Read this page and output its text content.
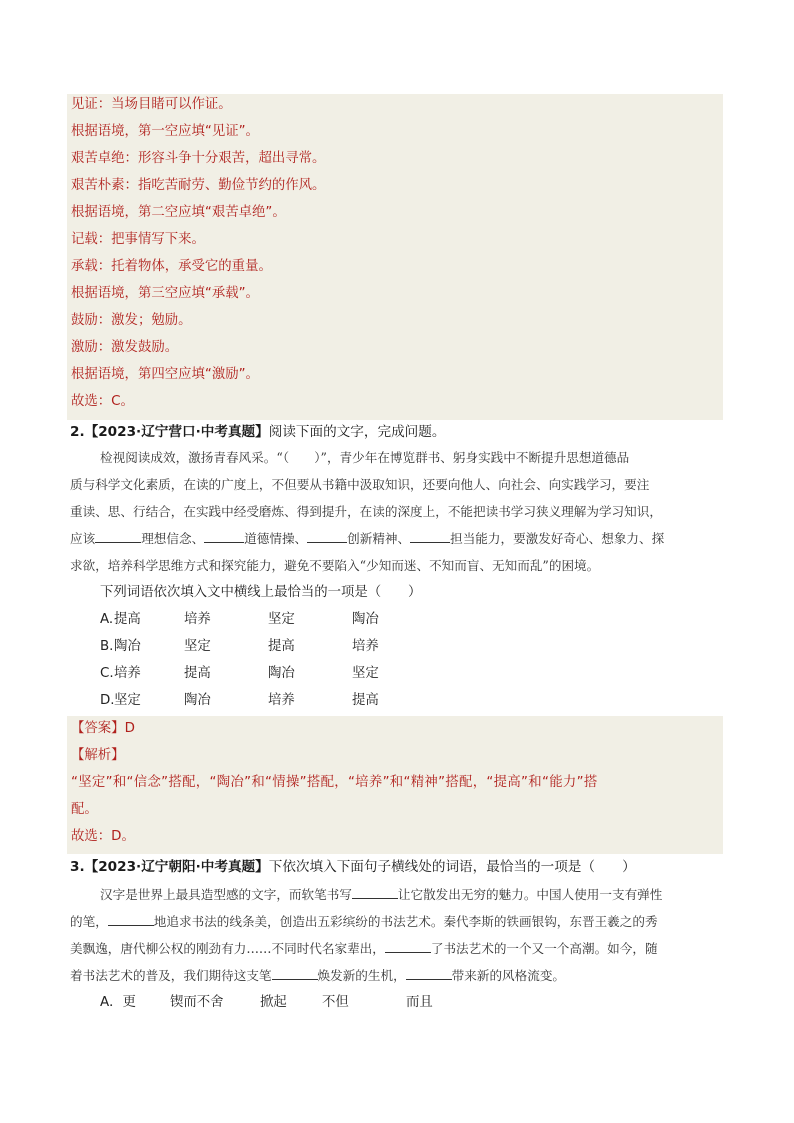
见证：当场目睹可以作证。
根据语境，第一空应填“见证”。
艰苦卓绝：形容斗争十分艰苦，超出寻常。
艰苦朴素：指吃苦耐劳、勤俭节约的作风。
根据语境，第二空应填“艰苦卓绝”。
记载：把事情写下来。
承载：托着物体，承受它的重量。
根据语境，第三空应填“承载”。
鼓励：激发；勉励。
激励：激发鼓励。
根据语境，第四空应填“激励”。
故选：C。
2.【2023·辽宁营口·中考真题】阅读下面的文字，完成问题。
检视阅读成效，激扬青春风采。“（　　）”，青少年在博览群书、躬身实践中不断提升思想道德品
质与科学文化素质，在读的广度上，不但要从书籍中汲取知识，还要向他人、向社会、向实践学习，要注
重读、思、行结合，在实践中经受磨炼、得到提升，在读的深度上，不能把读书学习狭义理解为学习知识，
应该	理想信念、	道德情操、	创新精神、	担当能力，要激发好奇心、想象力、探
求欲，培养科学思维方式和探究能力，避免不要陷入“少知而迷、不知而盲、无知而乱”的困境。
下列词语依次填入文中横线上最恰当的一项是（　　）
A. 提高	培养	坚定	陶冶
B. 陶冶	坚定	提高	培养
C. 培养	提高	陶冶	坚定
D. 坚定	陶冶	培养	提高
【答案】D
【解析】
“坚定”和“信念”搭配，“陶冶”和“情操”搭配，“培养”和“精神”搭配，“提高”和“能力”搭
配。
故选：D。
3.【2023·辽宁朝阳·中考真题】下依次填入下面句子横线处的词语，最恰当的一项是（　　）
汉字是世界上最具造型感的文字，而软笔书写	让它散发出无穷的魅力。中国人使用一支有弹性
的笔，	地追求书法的线条美，创造出五彩缤纷的书法艺术。秦代李斯的铁画银钩，东晋王羲之的秀
美飘逸，唐代柳公权的刚劲有力……不同时代名家辈出，	了书法艺术的一个又一个高潮。如今，随
着书法艺术的普及，我们期待这支笔	焕发新的生机，	带来新的风格流变。
A．更	锲而不舍	掀起	不但	而且
